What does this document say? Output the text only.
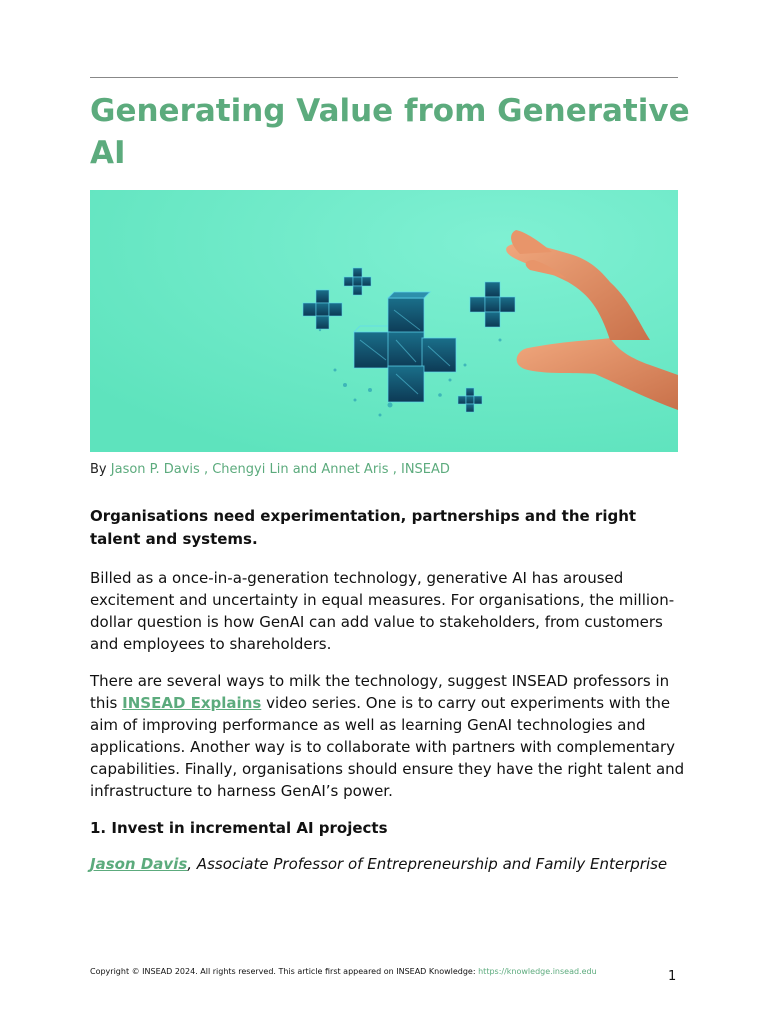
Generating Value from Generative AI
By Jason P. Davis , Chengyi Lin and Annet Aris , INSEAD

Organisations need experimentation, partnerships and the right talent and systems.

Billed as a once-in-a-generation technology, generative AI has aroused excitement and uncertainty in equal measures. For organisations, the million-dollar question is how GenAI can add value to stakeholders, from customers and employees to shareholders.

There are several ways to milk the technology, suggest INSEAD professors in this INSEAD Explains video series. One is to carry out experiments with the aim of improving performance as well as learning GenAI technologies and applications. Another way is to collaborate with partners with complementary capabilities. Finally, organisations should ensure they have the right talent and infrastructure to harness GenAI’s power.

1. Invest in incremental AI projects

Jason Davis, Associate Professor of Entrepreneurship and Family Enterprise

Copyright © INSEAD 2024. All rights reserved. This article first appeared on INSEAD Knowledge: https://knowledge.insead.edu	1
